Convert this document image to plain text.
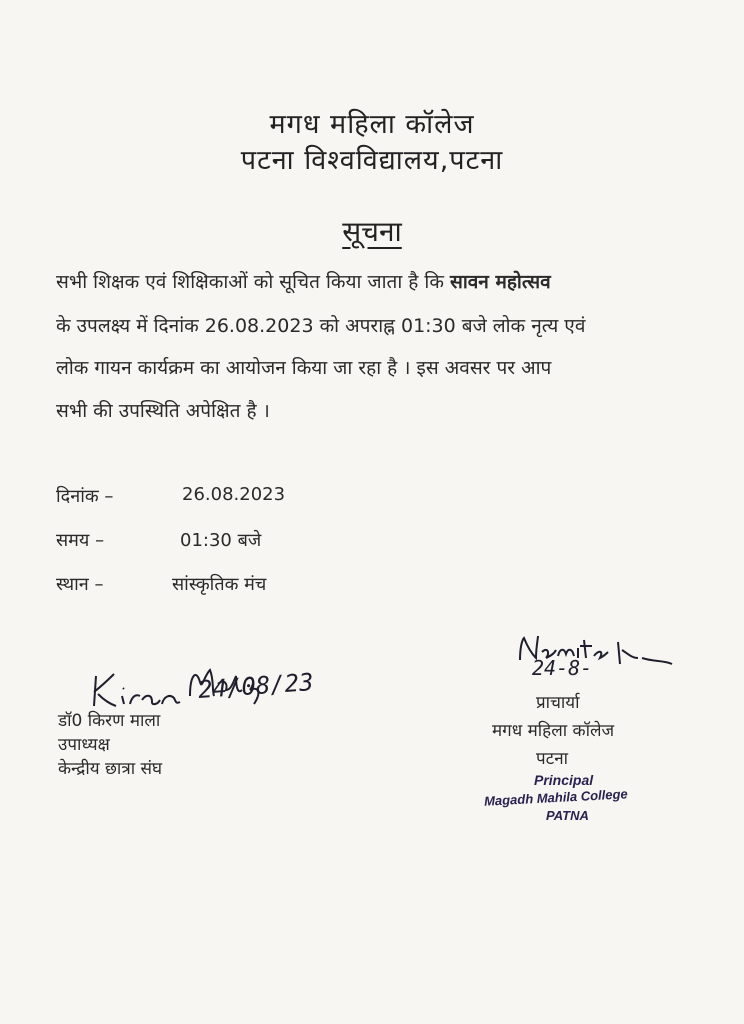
मगध महिला कॉलेज
पटना विश्वविद्यालय,पटना
सूचना
सभी शिक्षक एवं शिक्षिकाओं को सूचित किया जाता है कि सावन महोत्सव
के उपलक्ष्य में दिनांक 26.08.2023 को अपराह्न 01:30 बजे लोक नृत्य एवं
लोक गायन कार्यक्रम का आयोजन किया जा रहा है । इस अवसर पर आप
सभी की उपस्थिति अपेक्षित है ।
दिनांक –	26.08.2023
समय –	01:30 बजे
स्थान –	सांस्कृतिक मंच
24/08/23
डॉ0 किरण माला
उपाध्यक्ष
केन्द्रीय छात्रा संघ
24-8-
प्राचार्या
मगध महिला कॉलेज
पटना
Principal
Magadh Mahila College
PATNA
